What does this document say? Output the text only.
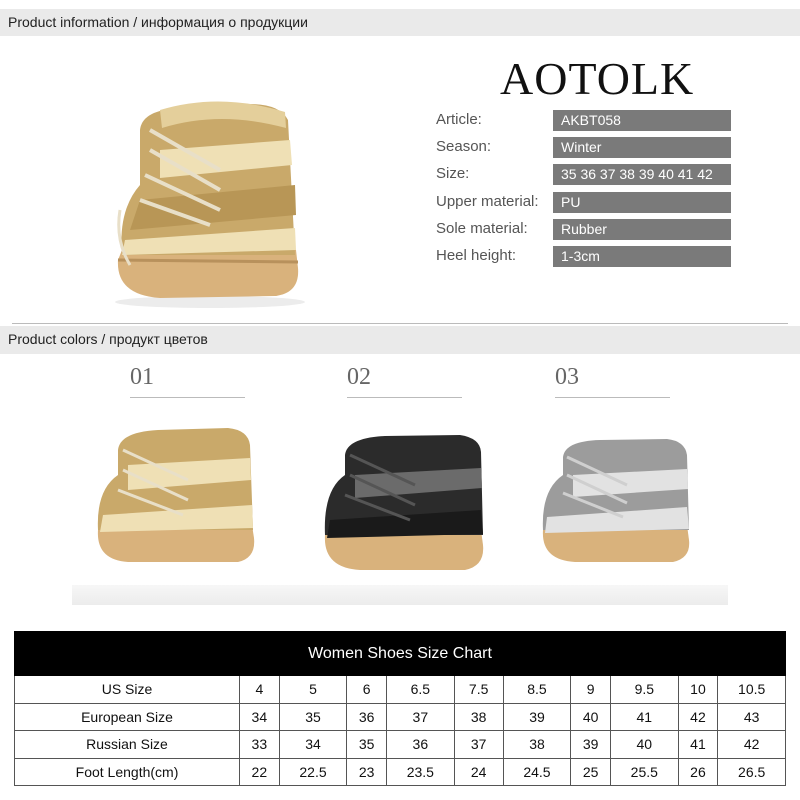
Product information / информация о продукции
AOTOLK
Article:	AKBT058
Season:	Winter
Size:	35 36 37 38 39 40 41 42
Upper material:	PU
Sole material:	Rubber
Heel height:	1-3cm
Product colors / продукт цветов
01	02	03
Women Shoes Size Chart										
US Size	4	5	6	6.5	7.5	8.5	9	9.5	10	10.5
European Size	34	35	36	37	38	39	40	41	42	43
Russian Size	33	34	35	36	37	38	39	40	41	42
Foot Length(cm)	22	22.5	23	23.5	24	24.5	25	25.5	26	26.5
